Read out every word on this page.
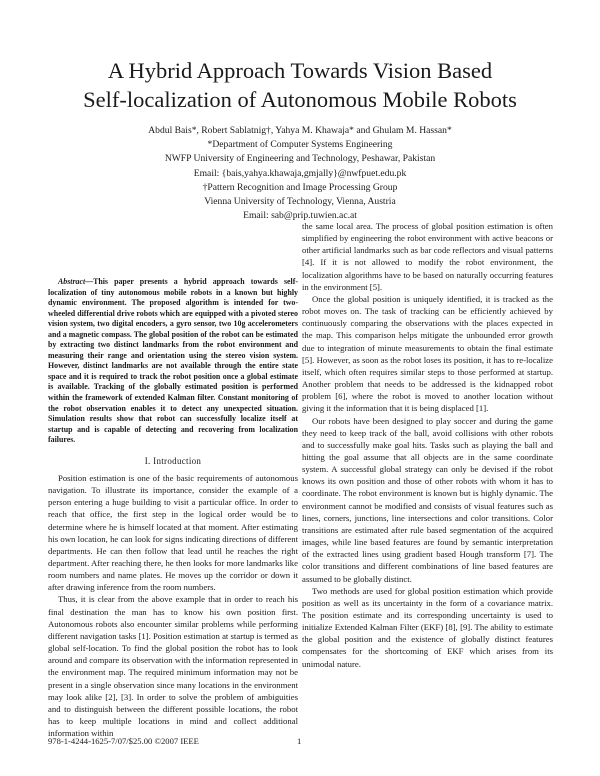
A Hybrid Approach Towards Vision Based
Self-localization of Autonomous Mobile Robots
Abdul Bais*, Robert Sablatnig†, Yahya M. Khawaja* and Ghulam M. Hassan*
*Department of Computer Systems Engineering
NWFP University of Engineering and Technology, Peshawar, Pakistan
Email: {bais,yahya.khawaja,gmjally}@nwfpuet.edu.pk
†Pattern Recognition and Image Processing Group
Vienna University of Technology, Vienna, Austria
Email: sab@prip.tuwien.ac.at

Abstract—This paper presents a hybrid approach towards self-localization of tiny autonomous mobile robots in a known but highly dynamic environment. The proposed algorithm is intended for two-wheeled differential drive robots which are equipped with a pivoted stereo vision system, two digital encoders, a gyro sensor, two 10g accelerometers and a magnetic compass. The global position of the robot can be estimated by extracting two distinct landmarks from the robot environment and measuring their range and orientation using the stereo vision system. However, distinct landmarks are not available through the entire state space and it is required to track the robot position once a global estimate is available. Tracking of the globally estimated position is performed within the framework of extended Kalman filter. Constant monitoring of the robot observation enables it to detect any unexpected situation. Simulation results show that robot can successfully localize itself at startup and is capable of detecting and recovering from localization failures.

I. Introduction

Position estimation is one of the basic requirements of autonomous navigation. To illustrate its importance, consider the example of a person entering a huge building to visit a particular office. In order to reach that office, the first step in the logical order would be to determine where he is himself located at that moment. After estimating his own location, he can look for signs indicating directions of different departments. He can then follow that lead until he reaches the right department. After reaching there, he then looks for more landmarks like room numbers and name plates. He moves up the corridor or down it after drawing inference from the room numbers.

Thus, it is clear from the above example that in order to reach his final destination the man has to know his own position first. Autonomous robots also encounter similar problems while performing different navigation tasks [1]. Position estimation at startup is termed as global self-location. To find the global position the robot has to look around and compare its observation with the information represented in the environment map. The required minimum information may not be present in a single observation since many locations in the environment may look alike [2], [3]. In order to solve the problem of ambiguities and to distinguish between the different possible locations, the robot has to keep multiple locations in mind and collect additional information within

the same local area. The process of global position estimation is often simplified by engineering the robot environment with active beacons or other artificial landmarks such as bar code reflectors and visual patterns [4]. If it is not allowed to modify the robot environment, the localization algorithms have to be based on naturally occurring features in the environment [5].

Once the global position is uniquely identified, it is tracked as the robot moves on. The task of tracking can be efficiently achieved by continuously comparing the observations with the places expected in the map. This comparison helps mitigate the unbounded error growth due to integration of minute measurements to obtain the final estimate [5]. However, as soon as the robot loses its position, it has to re-localize itself, which often requires similar steps to those performed at startup. Another problem that needs to be addressed is the kidnapped robot problem [6], where the robot is moved to another location without giving it the information that it is being displaced [1].

Our robots have been designed to play soccer and during the game they need to keep track of the ball, avoid collisions with other robots and to successfully make goal hits. Tasks such as playing the ball and hitting the goal assume that all objects are in the same coordinate system. A successful global strategy can only be devised if the robot knows its own position and those of other robots with whom it has to coordinate. The robot environment is known but is highly dynamic. The environment cannot be modified and consists of visual features such as lines, corners, junctions, line intersections and color transitions. Color transitions are estimated after rule based segmentation of the acquired images, while line based features are found by semantic interpretation of the extracted lines using gradient based Hough transform [7]. The color transitions and different combinations of line based features are assumed to be globally distinct.

Two methods are used for global position estimation which provide position as well as its uncertainty in the form of a covariance matrix. The position estimate and its corresponding uncertainty is used to initialize Extended Kalman Filter (EKF) [8], [9]. The ability to estimate the global position and the existence of globally distinct features compensates for the shortcoming of EKF which arises from its unimodal nature.

978-1-4244-1625-7/07/$25.00 ©2007 IEEE	1
